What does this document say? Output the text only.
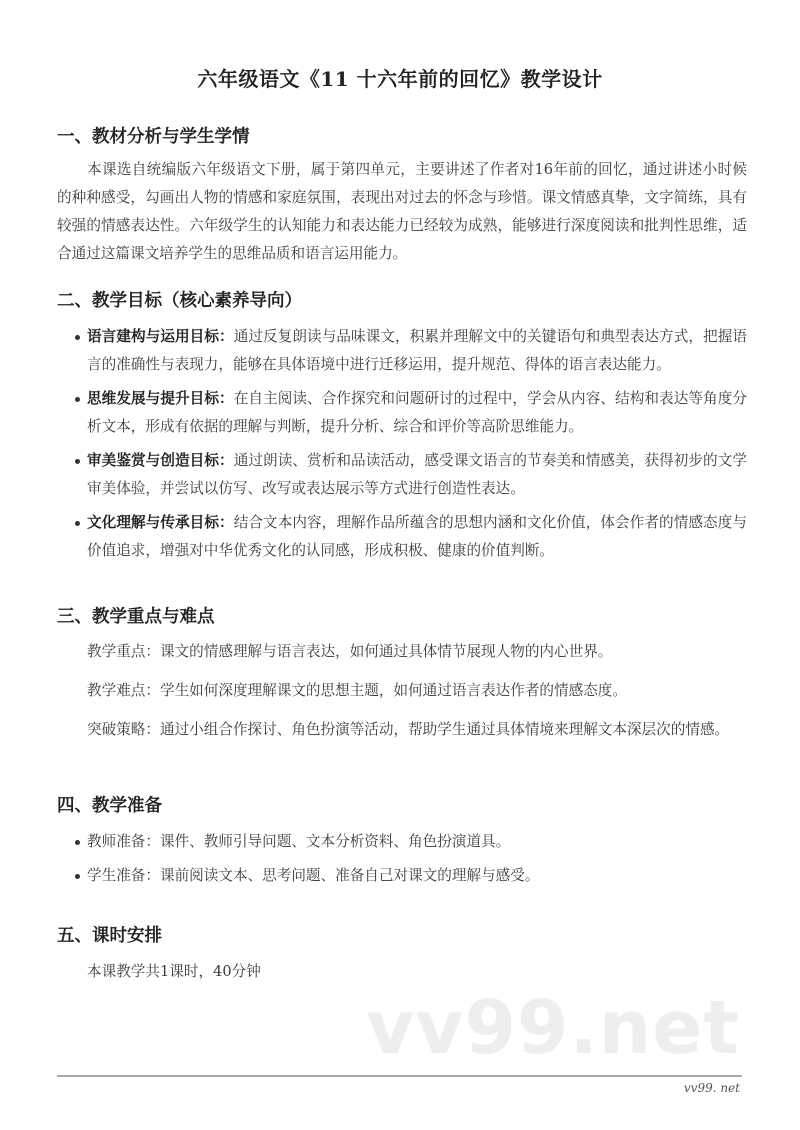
六年级语文《11 十六年前的回忆》教学设计
一、教材分析与学生学情

本课选自统编版六年级语文下册，属于第四单元，主要讲述了作者对16年前的回忆，通过讲述小时候的种种感受，勾画出人物的情感和家庭氛围，表现出对过去的怀念与珍惜。课文情感真挚，文字简练，具有较强的情感表达性。六年级学生的认知能力和表达能力已经较为成熟，能够进行深度阅读和批判性思维，适合通过这篇课文培养学生的思维品质和语言运用能力。

二、教学目标（核心素养导向）
语言建构与运用目标：通过反复朗读与品味课文，积累并理解文中的关键语句和典型表达方式，把握语言的准确性与表现力，能够在具体语境中进行迁移运用，提升规范、得体的语言表达能力。
思维发展与提升目标：在自主阅读、合作探究和问题研讨的过程中，学会从内容、结构和表达等角度分析文本，形成有依据的理解与判断，提升分析、综合和评价等高阶思维能力。
审美鉴赏与创造目标：通过朗读、赏析和品读活动，感受课文语言的节奏美和情感美，获得初步的文学审美体验，并尝试以仿写、改写或表达展示等方式进行创造性表达。
文化理解与传承目标：结合文本内容，理解作品所蕴含的思想内涵和文化价值，体会作者的情感态度与价值追求，增强对中华优秀文化的认同感，形成积极、健康的价值判断。
三、教学重点与难点

教学重点：课文的情感理解与语言表达，如何通过具体情节展现人物的内心世界。

教学难点：学生如何深度理解课文的思想主题，如何通过语言表达作者的情感态度。

突破策略：通过小组合作探讨、角色扮演等活动，帮助学生通过具体情境来理解文本深层次的情感。

四、教学准备
教师准备：课件、教师引导问题、文本分析资料、角色扮演道具。
学生准备：课前阅读文本、思考问题、准备自己对课文的理解与感受。
五、课时安排

本课教学共1课时，40分钟

vv99.net
vv99. net
